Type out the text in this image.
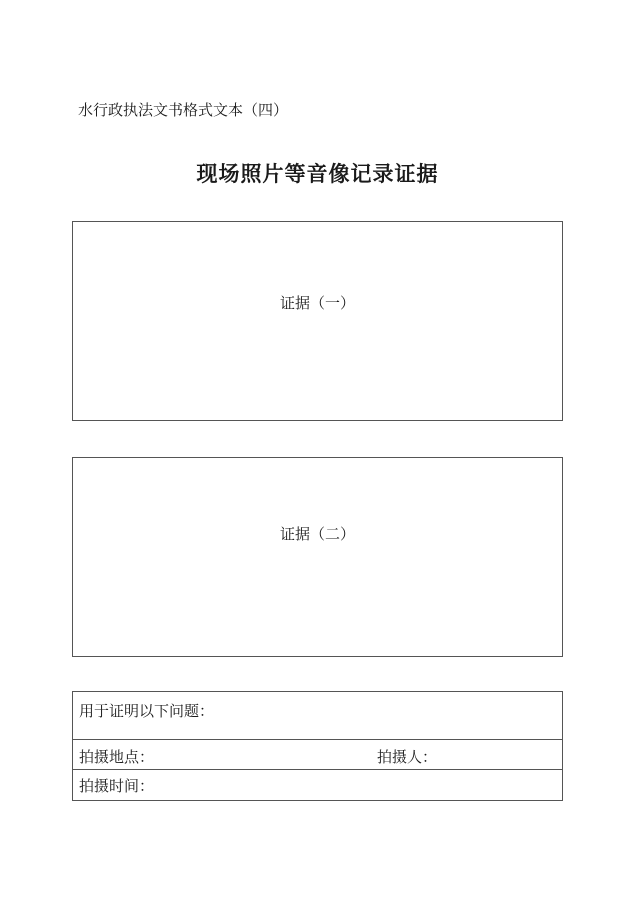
水行政执法文书格式文本（四）
现场照片等音像记录证据
证据（一）
证据（二）
用于证明以下问题：
拍摄地点：	拍摄人：
拍摄时间：
